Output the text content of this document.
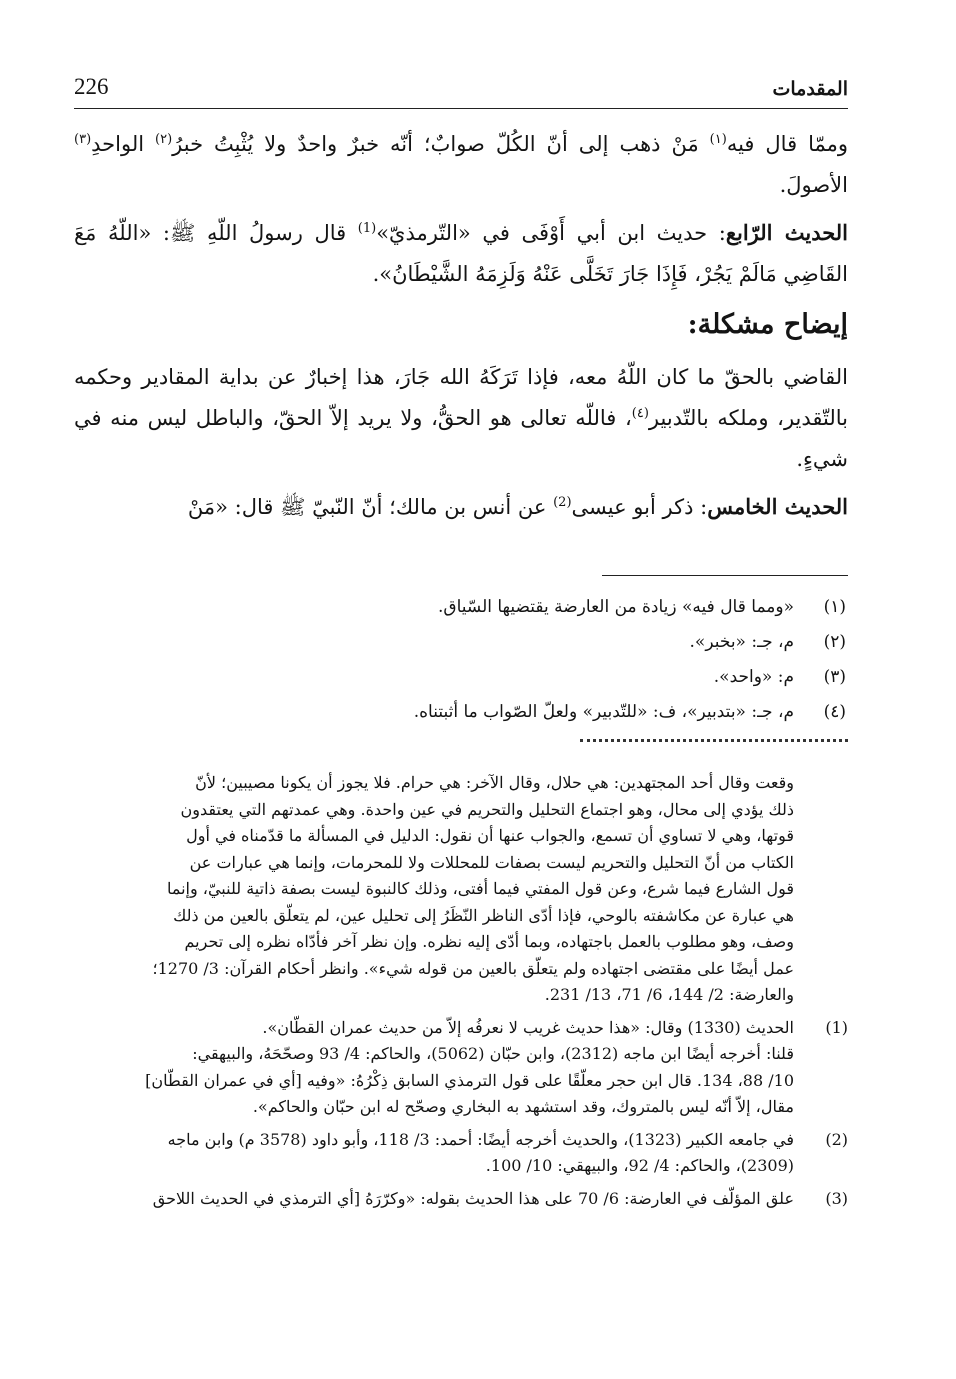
226	المقدمات

وممّا قال فيه$^{(١)}$ مَنْ ذهب إلى أنّ الكُلّ صوابٌ؛ أنّه خبرٌ واحدٌ ولا يُثْبِتُ خبرُ$^{(٢)}$ الواحدِ$^{(٣)}$ الأصولَ.

الحديث الرّابع: حديث ابن أبي أَوْفَى في «التّرمذيّ»$^{(1)}$ قال رسولُ اللّهِ ﷺ: «اللّهُ مَعَ القَاضِي مَالَمْ يَجُرْ، فَإِذَا جَارَ تَخَلَّى عَنْهُ وَلَزِمَهُ الشَّيْطَانُ».

إيضاح مشكلة:

القاضي بالحقّ ما كان اللّهُ معه، فإذا تَرَكَهُ الله جَارَ، هذا إخبارٌ عن بداية المقادير وحكمه بالتّقدير، وملكه بالتّدبير$^{(٤)}$، فاللّه تعالى هو الحقُّ، ولا يريد إلاّ الحقّ، والباطل ليس منه في شيءٍ.

الحديث الخامس: ذكر أبو عيسى$^{(2)}$ عن أنس بن مالك؛ أنّ النّبيّ ﷺ قال: «مَنْ

(١)
«ومما قال فيه» زيادة من العارضة يقتضيها السّياق.
(٢)
م، جـ: «بخبر».
(٣)
م: «واحد».
(٤)
م، جـ: «بتدبير»، ف: «للتّدبير» ولعلّ الصّواب ما أثبتناه.
وقعت وقال أحد المجتهدين: هي حلال، وقال الآخر: هي حرام. فلا يجوز أن يكونا مصيبين؛ لأنّ
ذلك يؤدي إلى محال، وهو اجتماع التحليل والتحريم في عين واحدة. وهي عمدتهم التي يعتقدون
قوتها، وهي لا تساوي أن تسمع، والجواب عنها أن نقول: الدليل في المسألة ما قدّمناه في أول
الكتاب من أنّ التحليل والتحريم ليست بصفات للمحللات ولا للمحرمات، وإنما هي عبارات عن
قول الشارع فيما شرع، وعن قول المفتي فيما أفتى، وذلك كالنبوة ليست بصفة ذاتية للنبيّ، وإنما
هي عبارة عن مكاشفته بالوحي، فإذا أدّى الناظر النّظَرُ إلى تحليل عين، لم يتعلّق بالعين من ذلك
وصف، وهو مطلوب بالعمل باجتهاده، وبما أدّى إليه نظره. وإن نظر آخر فأدّاه نظره إلى تحريم
عمل أيضًا على مقتضى اجتهاده ولم يتعلّق بالعين من قوله شيء». وانظر أحكام القرآن: 3/ 1270؛
والعارضة: 2/ 144، 6/ 71، 13/ 231.
(1)
الحديث (1330) وقال: «هذا حديث غريب لا نعرفُه إلاّ من حديث عمران القطّان».
قلنا: أخرجه أيضًا ابن ماجه (2312)، وابن حبّان (5062)، والحاكم: 4/ 93 وصحّحَهُ، والبيهقي:
10/ 88، 134. قال ابن حجر معلّقًا على قول الترمذي السابق ذِكْرُهُ: «وفيه [أي في عمران القطّان]
مقال، إلاّ أنّه ليس بالمتروك، وقد استشهد به البخاري وصحّح له ابن حبّان والحاكم».
(2)
في جامعه الكبير (1323)، والحديث أخرجه أيضًا: أحمد: 3/ 118، وأبو داود (3578 م) وابن ماجه
(2309)، والحاكم: 4/ 92، والبيهقي: 10/ 100.
(3)
علق المؤلّف في العارضة: 6/ 70 على هذا الحديث بقوله: «وكرّرَهُ [أي الترمذي في الحديث اللاحق
